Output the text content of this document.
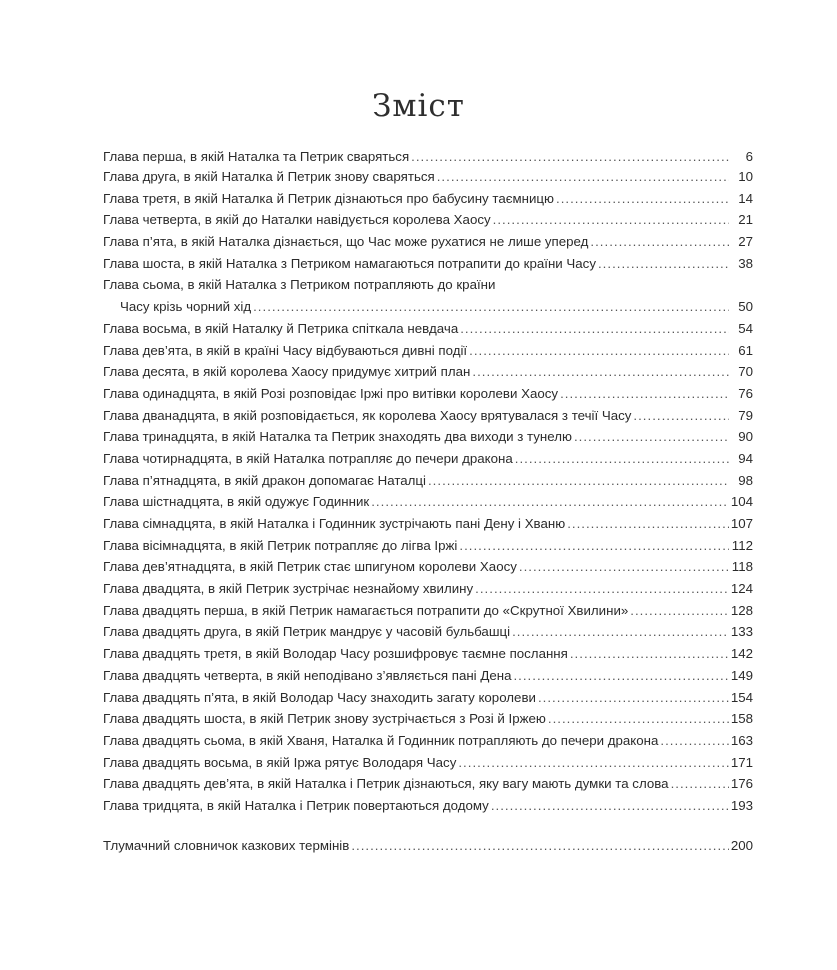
Зміст
Глава перша, в якій Наталка та Петрик сваряться .....	6
Глава друга, в якій Наталка й Петрик знову сваряться .....	10
Глава третя, в якій Наталка й Петрик дізнаються про бабусину таємницю .....	14
Глава четверта, в якій до Наталки навідується королева Хаосу .....	21
Глава п’ята, в якій Наталка дізнається, що Час може рухатися не лише уперед .....	27
Глава шоста, в якій Наталка з Петриком намагаються потрапити до країни Часу .....	38
Глава сьома, в якій Наталка з Петриком потрапляють до країни
Часу крізь чорний хід .....	50
Глава восьма, в якій Наталку й Петрика спіткала невдача .....	54
Глава дев’ята, в якій в країні Часу відбуваються дивні події .....	61
Глава десята, в якій королева Хаосу придумує хитрий план .....	70
Глава одинадцята, в якій Розі розповідає Іржі про витівки королеви Хаосу .....	76
Глава дванадцята, в якій розповідається, як королева Хаосу врятувалася з течії Часу .....	79
Глава тринадцята, в якій Наталка та Петрик знаходять два виходи з тунелю .....	90
Глава чотирнадцята, в якій Наталка потрапляє до печери дракона .....	94
Глава п’ятнадцята, в якій дракон допомагає Наталці .....	98
Глава шістнадцята, в якій одужує Годинник .....	104
Глава сімнадцята, в якій Наталка і Годинник зустрічають пані Дену і Хваню .....	107
Глава вісімнадцята, в якій Петрик потрапляє до лігва Іржі .....	112
Глава дев’ятнадцята, в якій Петрик стає шпигуном королеви Хаосу .....	118
Глава двадцята, в якій Петрик зустрічає незнайому хвилину .....	124
Глава двадцять перша, в якій Петрик намагається потрапити до «Скрутної Хвилини» .....	128
Глава двадцять друга, в якій Петрик мандрує у часовій бульбашці .....	133
Глава двадцять третя, в якій Володар Часу розшифровує таємне послання .....	142
Глава двадцять четверта, в якій неподівано з’являється пані Дена .....	149
Глава двадцять п’ята, в якій Володар Часу знаходить загату королеви .....	154
Глава двадцять шоста, в якій Петрик знову зустрічається з Розі й Іржею .....	158
Глава двадцять сьома, в якій Хваня, Наталка й Годинник потрапляють до печери дракона .....	163
Глава двадцять восьма, в якій Іржа рятує Володаря Часу .....	171
Глава двадцять дев’ята, в якій Наталка і Петрик дізнаються, яку вагу мають думки та слова .....	176
Глава тридцята, в якій Наталка і Петрик повертаються додому .....	193
Тлумачний словничок казкових термінів .....	200
